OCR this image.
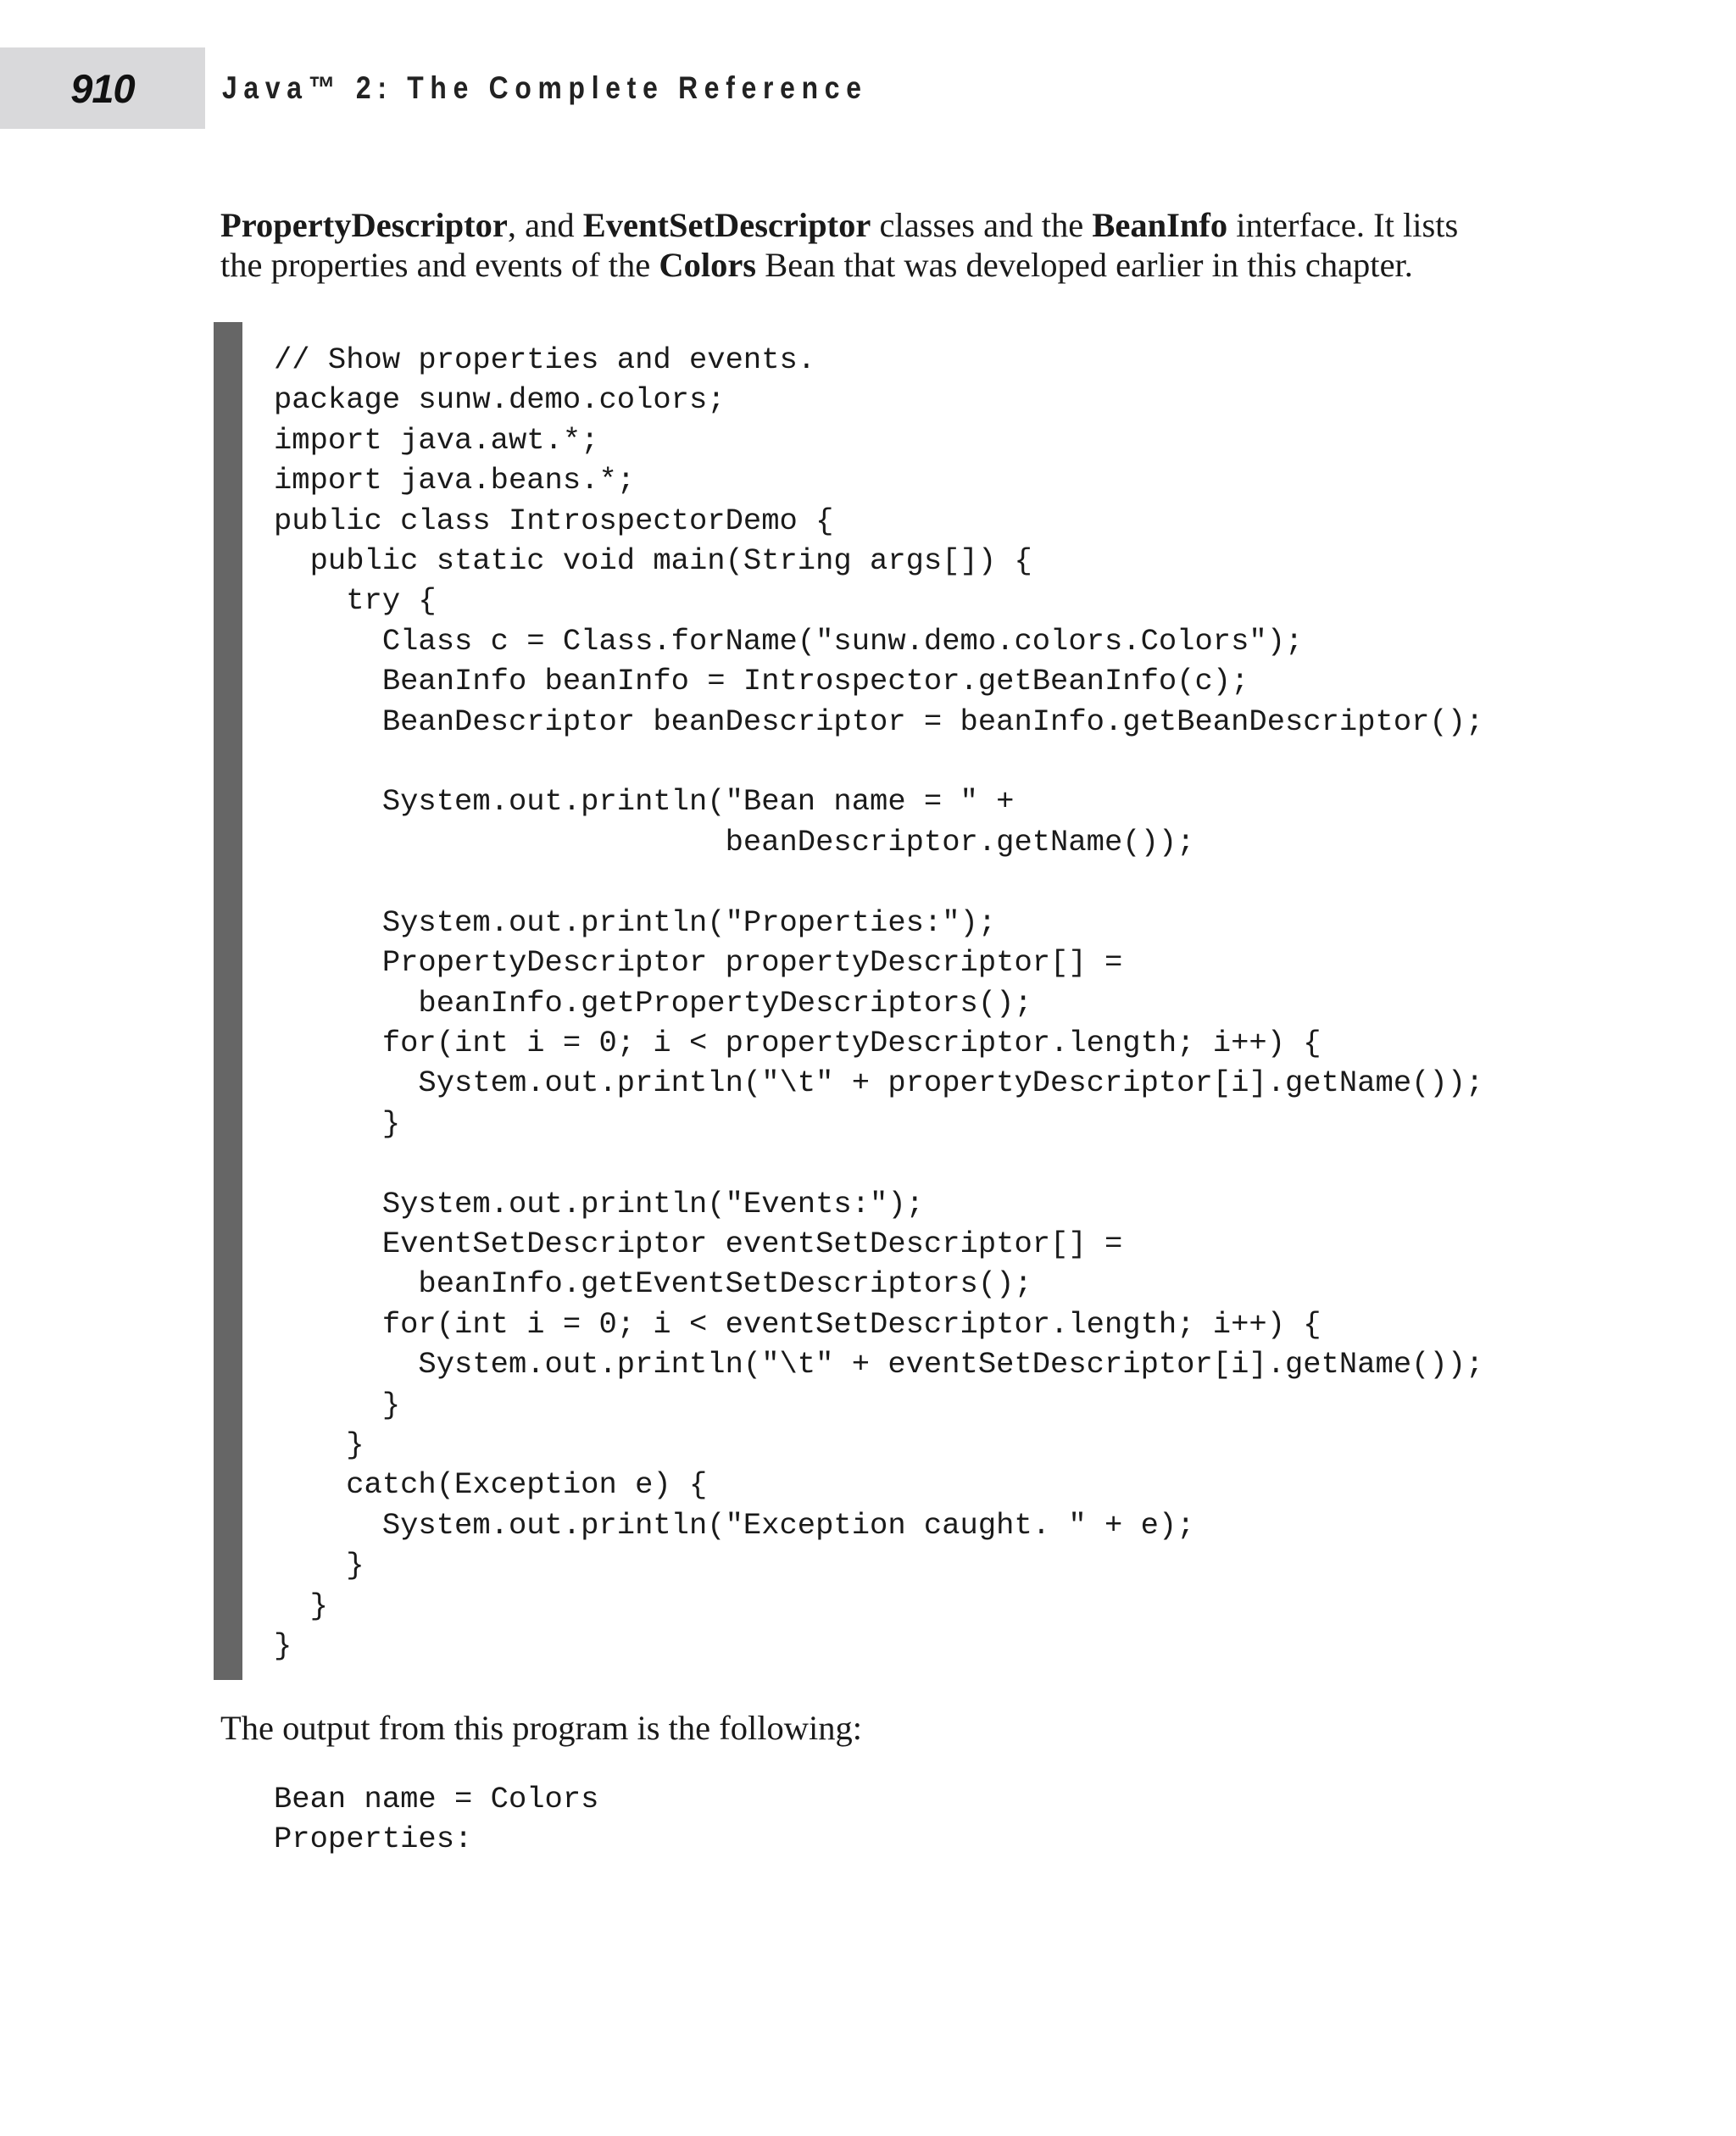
910	Java™ 2: The Complete Reference
PropertyDescriptor, and EventSetDescriptor classes and the BeanInfo interface. It lists
the properties and events of the Colors Bean that was developed earlier in this chapter.
// Show properties and events.
package sunw.demo.colors;
import java.awt.*;
import java.beans.*;
public class IntrospectorDemo {
public static void main(String args[]) {
try {
Class c = Class.forName("sunw.demo.colors.Colors");
BeanInfo beanInfo = Introspector.getBeanInfo(c);
BeanDescriptor beanDescriptor = beanInfo.getBeanDescriptor();

System.out.println("Bean name = " +
beanDescriptor.getName());

System.out.println("Properties:");
PropertyDescriptor propertyDescriptor[] =
beanInfo.getPropertyDescriptors();
for(int i = 0; i < propertyDescriptor.length; i++) {
System.out.println("\t" + propertyDescriptor[i].getName());
}

System.out.println("Events:");
EventSetDescriptor eventSetDescriptor[] =
beanInfo.getEventSetDescriptors();
for(int i = 0; i < eventSetDescriptor.length; i++) {
System.out.println("\t" + eventSetDescriptor[i].getName());
}
}
catch(Exception e) {
System.out.println("Exception caught. " + e);
}
}
}
The output from this program is the following:
Bean name = Colors
Properties:
